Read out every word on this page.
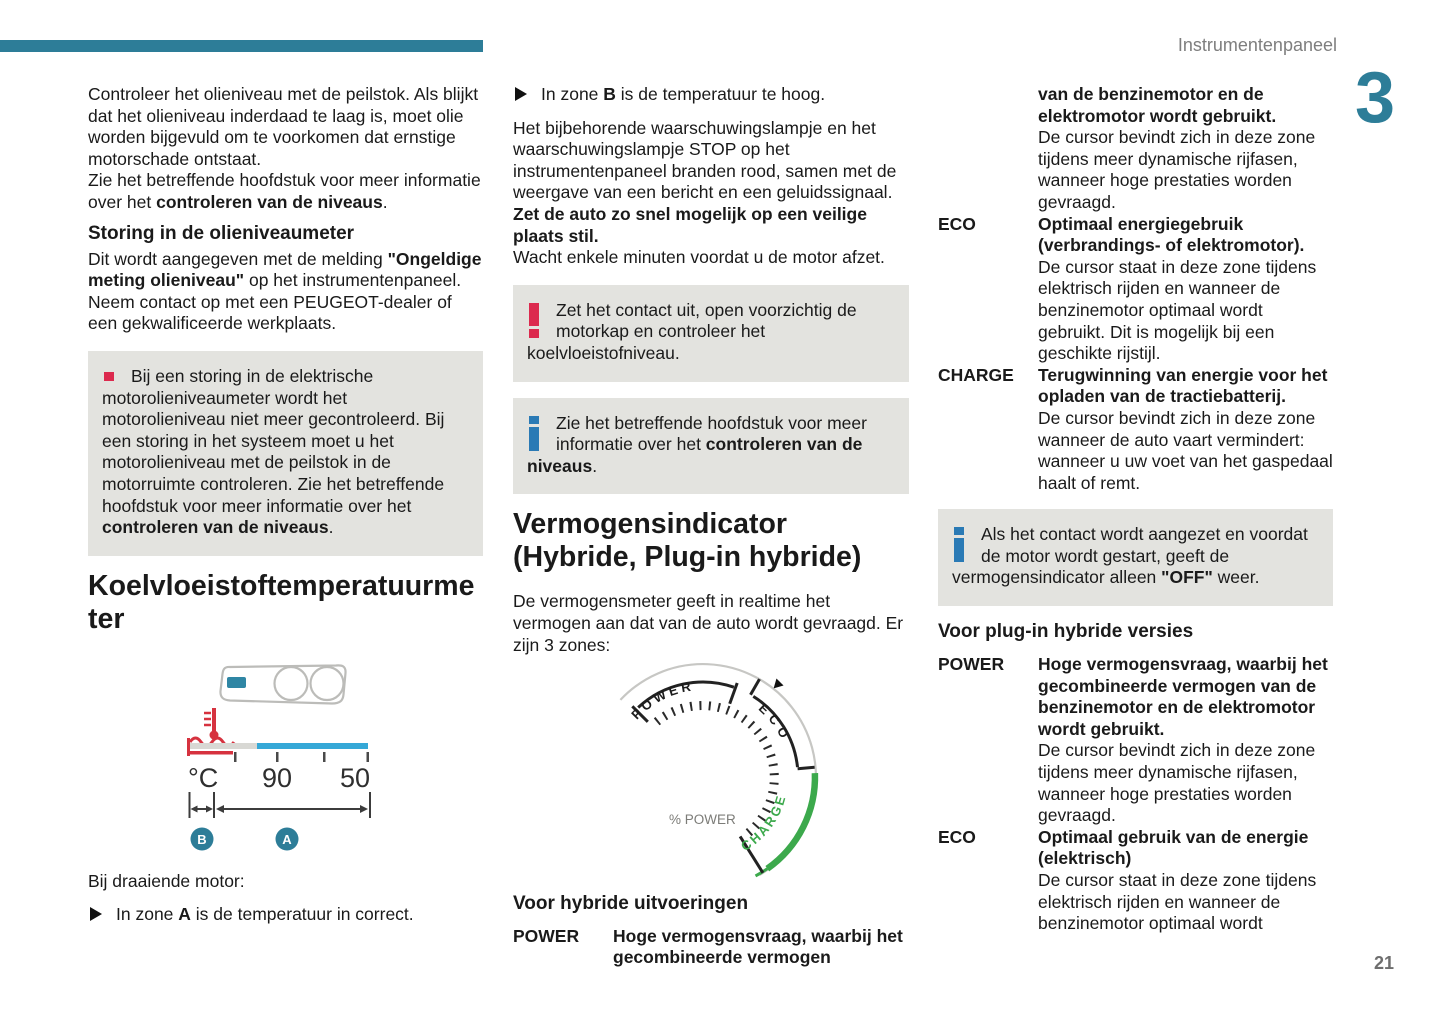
Instrumentenpaneel
3
21

Controleer het olieniveau met de peilstok. Als blijkt dat het olieniveau inderdaad te laag is, moet olie worden bijgevuld om te voorkomen dat ernstige motorschade ontstaat.

Zie het betreffende hoofdstuk voor meer informatie over het controleren van de niveaus.

Storing in de olieniveaumeter

Dit wordt aangegeven met de melding "Ongeldige meting olieniveau" op het instrumentenpaneel.

Neem contact op met een PEUGEOT-dealer of een gekwalificeerde werkplaats.

Bij een storing in de elektrische motorolieniveaumeter wordt het motorolieniveau niet meer gecontroleerd. Bij een storing in het systeem moet u het motorolieniveau met de peilstok in de motorruimte controleren. Zie het betreffende hoofdstuk voor meer informatie over het controleren van de niveaus.

Koelvloeistoftemperatuurmeter
°C 90 50
B	A

Bij draaiende motor:

In zone A is de temperatuur in correct.

In zone B is de temperatuur te hoog.

Het bijbehorende waarschuwingslampje en het waarschuwingslampje STOP op het instrumentenpaneel branden rood, samen met de weergave van een bericht en een geluidssignaal.
Zet de auto zo snel mogelijk op een veilige plaats stil.
Wacht enkele minuten voordat u de motor afzet.

Zet het contact uit, open voorzichtig de motorkap en controleer het koelvloeistofniveau.

Zie het betreffende hoofdstuk voor meer informatie over het controleren van de niveaus.

Vermogensindicator (Hybride, Plug-in hybride)

De vermogensmeter geeft in realtime het vermogen aan dat van de auto wordt gevraagd. Er zijn 3 zones:

POWER
ECO
CHARGE
% POWER
Voor hybride uitvoeringen
POWER	Hoge vermogensvraag, waarbij het gecombineerde vermogen
van de benzinemotor en de elektromotor wordt gebruikt.
De cursor bevindt zich in deze zone tijdens meer dynamische rijfasen, wanneer hoge prestaties worden gevraagd.
ECO	Optimaal energiegebruik (verbrandings- of elektromotor).
De cursor staat in deze zone tijdens elektrisch rijden en wanneer de benzinemotor optimaal wordt gebruikt. Dit is mogelijk bij een geschikte rijstijl.
CHARGE	Terugwinning van energie voor het opladen van de tractiebatterij.
De cursor bevindt zich in deze zone wanneer de auto vaart vermindert: wanneer u uw voet van het gaspedaal haalt of remt.

Als het contact wordt aangezet en voordat de motor wordt gestart, geeft de vermogensindicator alleen "OFF" weer.

Voor plug-in hybride versies
POWER	Hoge vermogensvraag, waarbij het gecombineerde vermogen van de benzinemotor en de elektromotor wordt gebruikt.
De cursor bevindt zich in deze zone tijdens meer dynamische rijfasen, wanneer hoge prestaties worden gevraagd.
ECO	Optimaal gebruik van de energie (elektrisch)
De cursor staat in deze zone tijdens elektrisch rijden en wanneer de benzinemotor optimaal wordt
